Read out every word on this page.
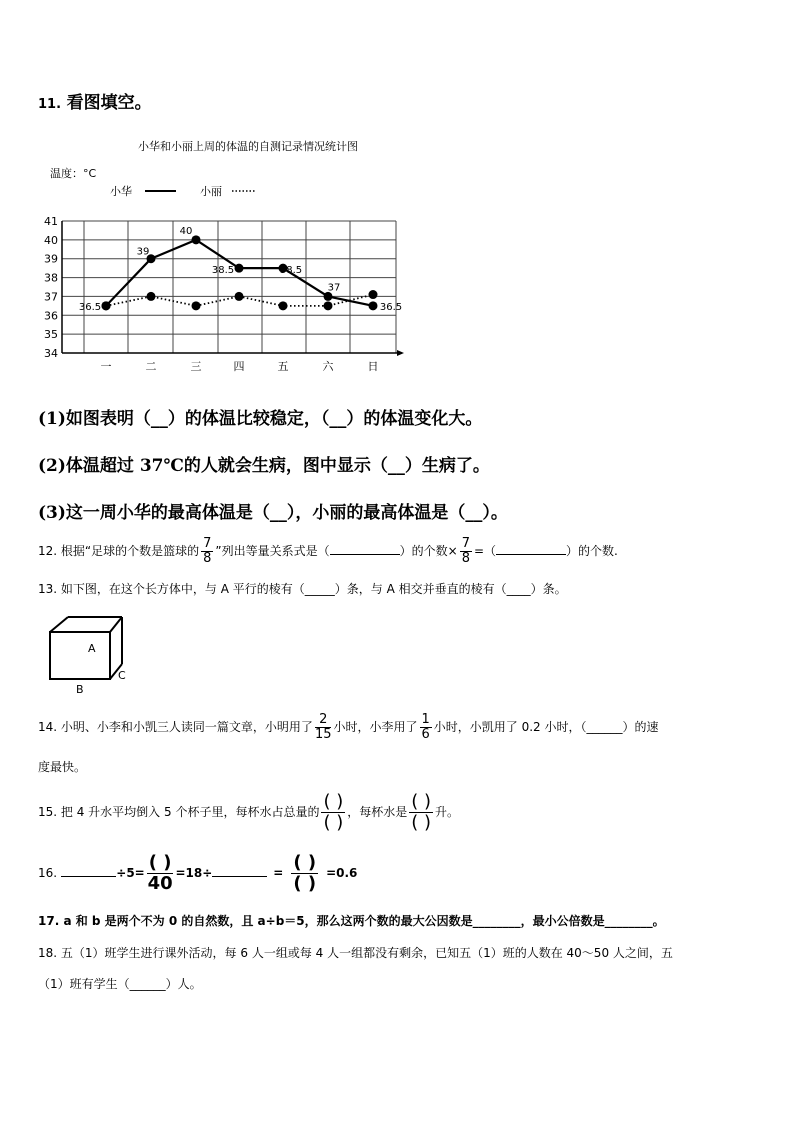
11. 看图填空。
小华和小丽上周的体温的自测记录情况统计图
温度：°C
小华	小丽
34
35
36
37
38
39
40
41
一	二	三	四	五	六	日
36.5
39
40
38.5	38.5
37
36.5
(1)如图表明（__）的体温比较稳定，（__）的体温变化大。
(2)体温超过 37℃的人就会生病，图中显示（__）生病了。
(3)这一周小华的最高体温是（__），小丽的最高体温是（__）。
12. 根据“足球的个数是篮球的 $\frac{7}{8}$ ”列出等量关系式是（	）的个数× $\frac{7}{8}$ =（	）的个数.
13. 如下图，在这个长方体中，与 A 平行的棱有（_____）条，与 A 相交并垂直的棱有（____）条。
A
B
C
14. 小明、小李和小凯三人读同一篇文章，小明用了 $\frac{2}{15}$ 小时，小李用了 $\frac{1}{6}$ 小时，小凯用了 0.2 小时，（______）的速
度最快。
15. 把 4 升水平均倒入 5 个杯子里，每杯水占总量的 $\frac{( )}{( )}$ ，每杯水是 $\frac{( )}{( )}$ 升。
16.	$\div 5= \frac{( )}{40} =18\div$	= $\frac{( )}{( )} =0.6$
17. a 和 b 是两个不为 0 的自然数，且 a÷b＝5，那么这两个数的最大公因数是________，最小公倍数是________。
18. 五（1）班学生进行课外活动，每 6 人一组或每 4 人一组都没有剩余，已知五（1）班的人数在 40～50 人之间，五
（1）班有学生（______）人。
